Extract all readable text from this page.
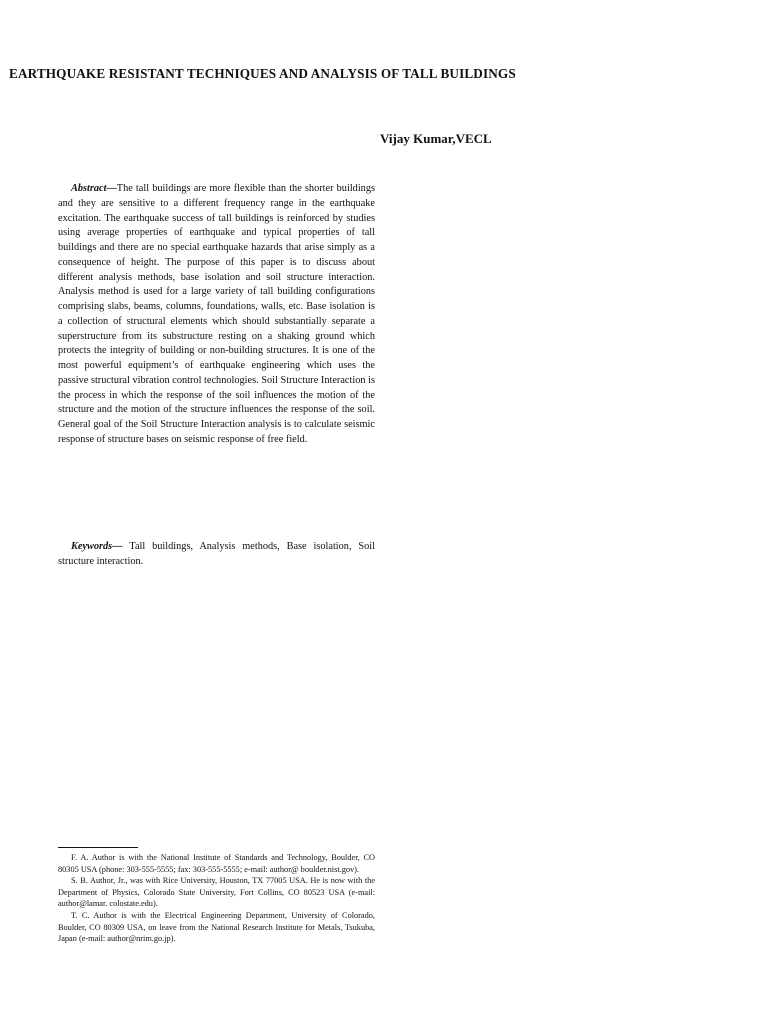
EARTHQUAKE RESISTANT TECHNIQUES AND ANALYSIS OF TALL BUILDINGS
Vijay Kumar,VECL

Abstract—The tall buildings are more flexible than the shorter buildings and they are sensitive to a different frequency range in the earthquake excitation. The earthquake success of tall buildings is reinforced by studies using average properties of earthquake and typical properties of tall buildings and there are no special earthquake hazards that arise simply as a consequence of height. The purpose of this paper is to discuss about different analysis methods, base isolation and soil structure interaction. Analysis method is used for a large variety of tall building configurations comprising slabs, beams, columns, foundations, walls, etc. Base isolation is a collection of structural elements which should substantially separate a superstructure from its substructure resting on a shaking ground which protects the integrity of building or non-building structures. It is one of the most powerful equipment’s of earthquake engineering which uses the passive structural vibration control technologies. Soil Structure Interaction is the process in which the response of the soil influences the motion of the structure and the motion of the structure influences the response of the soil. General goal of the Soil Structure Interaction analysis is to calculate seismic response of structure bases on seismic response of free field.

Keywords— Tall buildings, Analysis methods, Base isolation, Soil structure interaction.

F. A. Author is with the National Institute of Standards and Technology, Boulder, CO 80305 USA (phone: 303-555-5555; fax: 303-555-5555; e-mail: author@ boulder.nist.gov).

S. B. Author, Jr., was with Rice University, Houston, TX 77005 USA. He is now with the Department of Physics, Colorado State University, Fort Collins, CO 80523 USA (e-mail: author@lamar. colostate.edu).

T. C. Author is with the Electrical Engineering Department, University of Colorado, Boulder, CO 80309 USA, on leave from the National Research Institute for Metals, Tsukuba, Japan (e-mail: author@nrim.go.jp).
